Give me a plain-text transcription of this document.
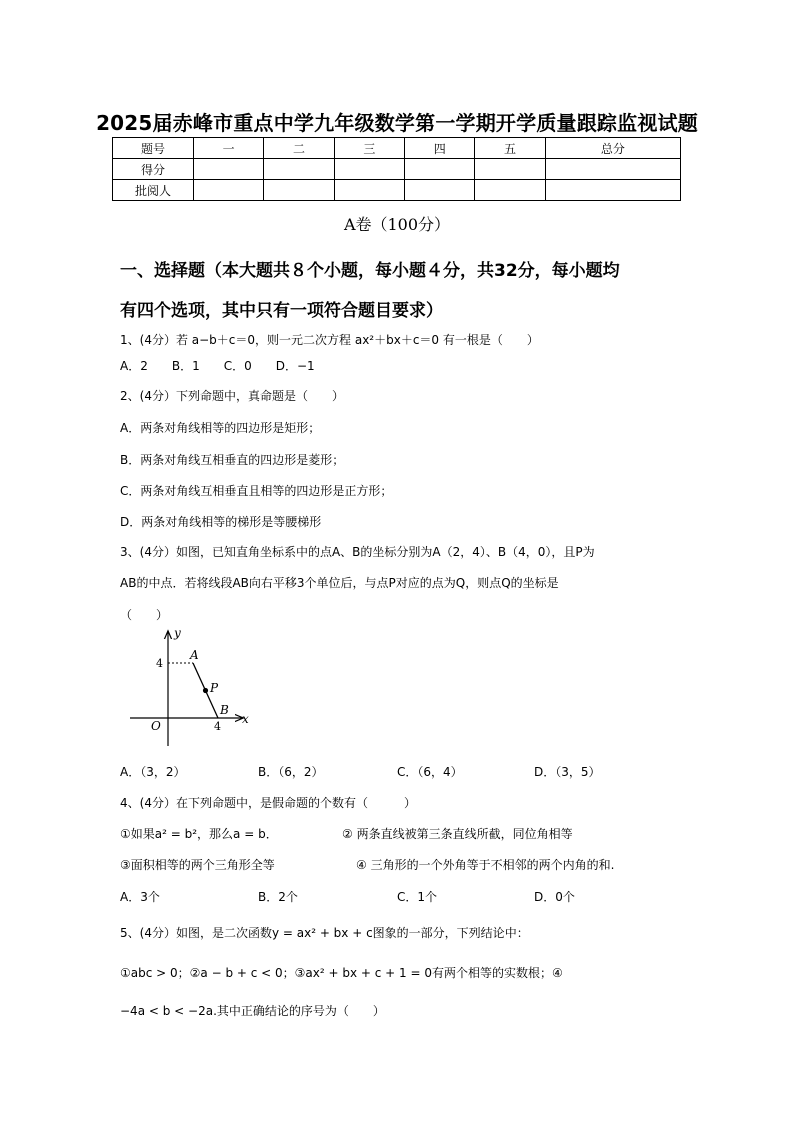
2025届赤峰市重点中学九年级数学第一学期开学质量跟踪监视试题
题号	一	二	三	四	五	总分
得分						
批阅人						
A卷（100分）
一、选择题（本大题共８个小题，每小题４分，共32分，每小题均
有四个选项，其中只有一项符合题目要求）
1、(4分）若 a−b＋c＝0，则一元二次方程 ax²＋bx＋c＝0 有一根是（　　）
A．2　　B．1　　C．0　　D．−1
2、(4分）下列命题中，真命题是（　　）
A．两条对角线相等的四边形是矩形；
B．两条对角线互相垂直的四边形是菱形；
C．两条对角线互相垂直且相等的四边形是正方形；
D．两条对角线相等的梯形是等腰梯形
3、(4分）如图，已知直角坐标系中的点A、B的坐标分别为A（2，4）、B（4，0），且P为
AB的中点．若将线段AB向右平移3个单位后，与点P对应的点为Q，则点Q的坐标是
（　　）
y
x
O
4
4
A
P
B
A．（3，2）	B．（6，2）	C．（6，4）	D．（3，5）
4、(4分）在下列命题中，是假命题的个数有（　　　）
①如果a² = b²，那么a = b．	② 两条直线被第三条直线所截，同位角相等
③面积相等的两个三角形全等	④ 三角形的一个外角等于不相邻的两个内角的和.
A．3个	B．2个	C．1个	D．0个
5、(4分）如图，是二次函数y = ax² + bx + c图象的一部分，下列结论中：
①abc > 0；②a − b + c < 0；③ax² + bx + c + 1 = 0有两个相等的实数根；④
−4a < b < −2a.其中正确结论的序号为（　　）
